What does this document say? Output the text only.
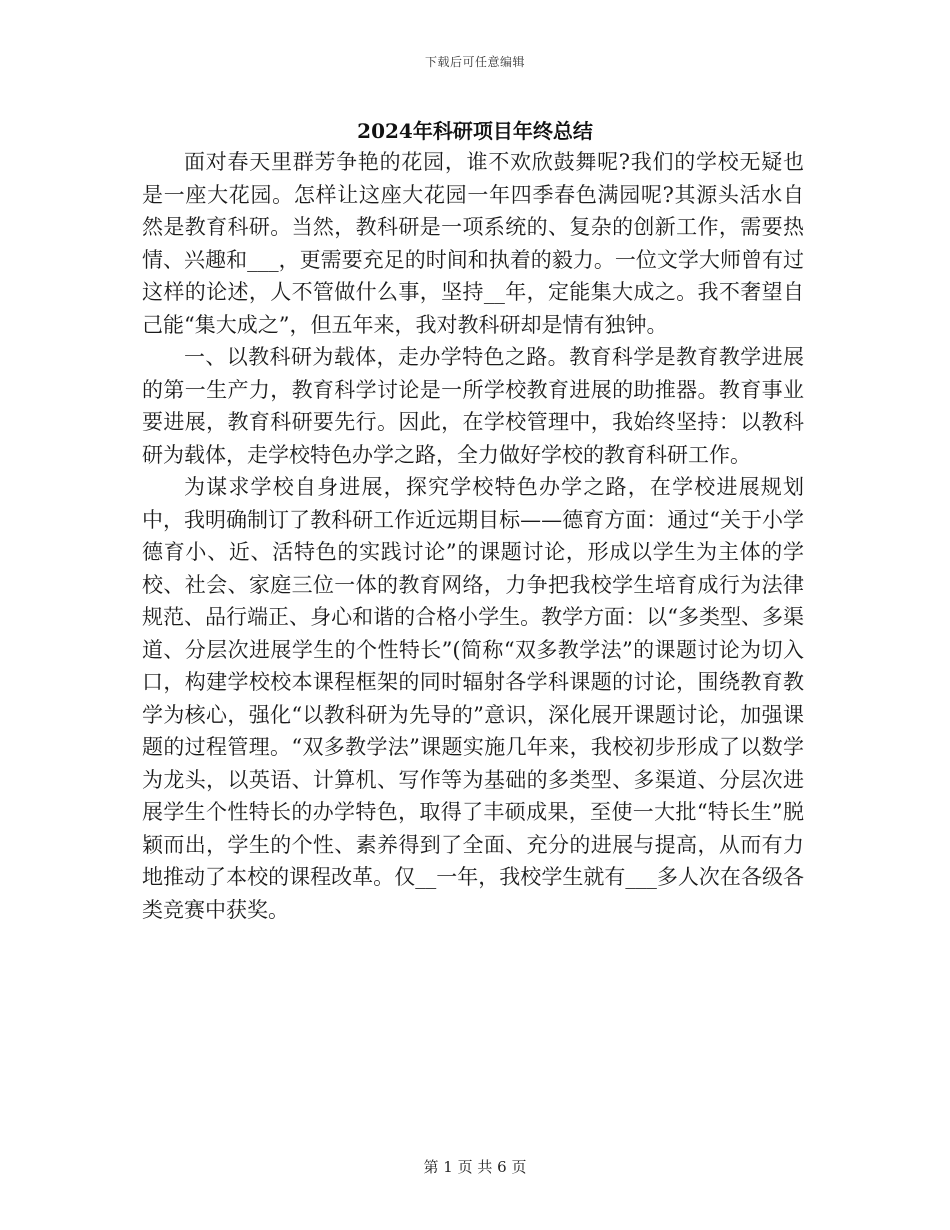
下载后可任意编辑
2024年科研项目年终总结

面对春天里群芳争艳的花园，谁不欢欣鼓舞呢?我们的学校无疑也是一座大花园。怎样让这座大花园一年四季春色满园呢?其源头活水自然是教育科研。当然，教科研是一项系统的、复杂的创新工作，需要热情、兴趣和___，更需要充足的时间和执着的毅力。一位文学大师曾有过这样的论述，人不管做什么事，坚持__年，定能集大成之。我不奢望自己能“集大成之”，但五年来，我对教科研却是情有独钟。

一、以教科研为载体，走办学特色之路。教育科学是教育教学进展的第一生产力，教育科学讨论是一所学校教育进展的助推器。教育事业要进展，教育科研要先行。因此，在学校管理中，我始终坚持：以教科研为载体，走学校特色办学之路，全力做好学校的教育科研工作。

为谋求学校自身进展，探究学校特色办学之路，在学校进展规划中，我明确制订了教科研工作近远期目标——德育方面：通过“关于小学德育小、近、活特色的实践讨论”的课题讨论，形成以学生为主体的学校、社会、家庭三位一体的教育网络，力争把我校学生培育成行为法律规范、品行端正、身心和谐的合格小学生。教学方面：以“多类型、多渠道、分层次进展学生的个性特长”(简称“双多教学法”的课题讨论为切入口，构建学校校本课程框架的同时辐射各学科课题的讨论，围绕教育教学为核心，强化“以教科研为先导的”意识，深化展开课题讨论，加强课题的过程管理。“双多教学法”课题实施几年来，我校初步形成了以数学为龙头，以英语、计算机、写作等为基础的多类型、多渠道、分层次进展学生个性特长的办学特色，取得了丰硕成果，至使一大批“特长生”脱颖而出，学生的个性、素养得到了全面、充分的进展与提高，从而有力地推动了本校的课程改革。仅__一年，我校学生就有___多人次在各级各类竞赛中获奖。

第 1 页 共 6 页
